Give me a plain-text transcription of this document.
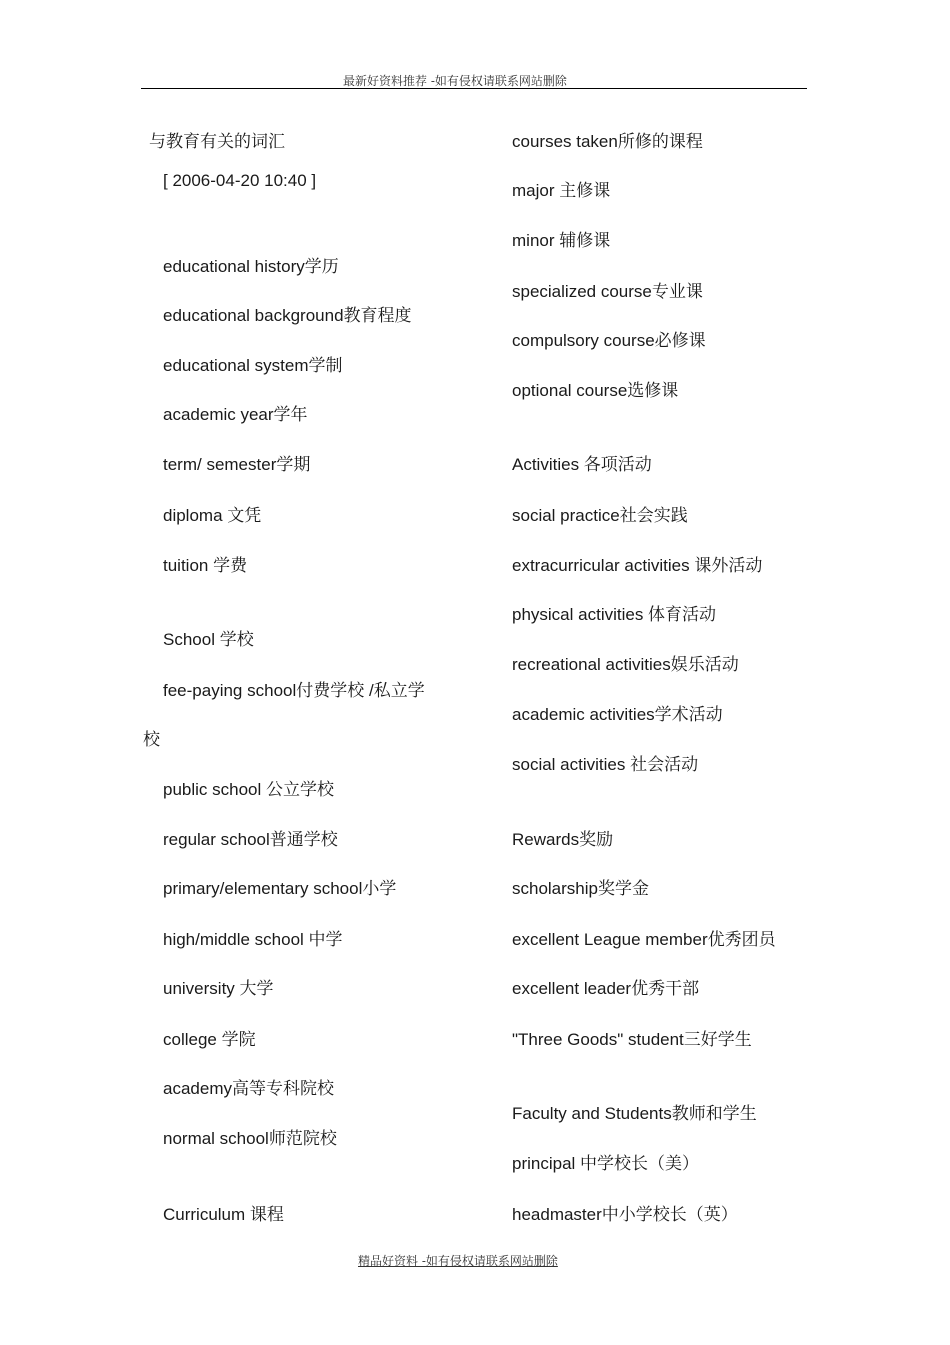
最新好资料推荐 -如有侵权请联系网站删除
与教育有关的词汇
[ 2006-04-20 10:40 ]
educational history学历
educational background教育程度
educational system学制
academic year学年
term/ semester学期
diploma 文凭
tuition 学费
School 学校
fee-paying school付费学校 /私立学
校
public school 公立学校
regular school普通学校
primary/elementary school小学
high/middle school 中学
university 大学
college 学院
academy高等专科院校
normal school师范院校
Curriculum 课程
courses taken所修的课程
major 主修课
minor 辅修课
specialized course专业课
compulsory course必修课
optional course选修课
Activities 各项活动
social practice社会实践
extracurricular activities 课外活动
physical activities 体育活动
recreational activities娱乐活动
academic activities学术活动
social activities 社会活动
Rewards奖励
scholarship奖学金
excellent League member优秀团员
excellent leader优秀干部
"Three Goods" student三好学生
Faculty and Students教师和学生
principal 中学校长（美）
headmaster中小学校长（英）
精品好资料 -如有侵权请联系网站删除
